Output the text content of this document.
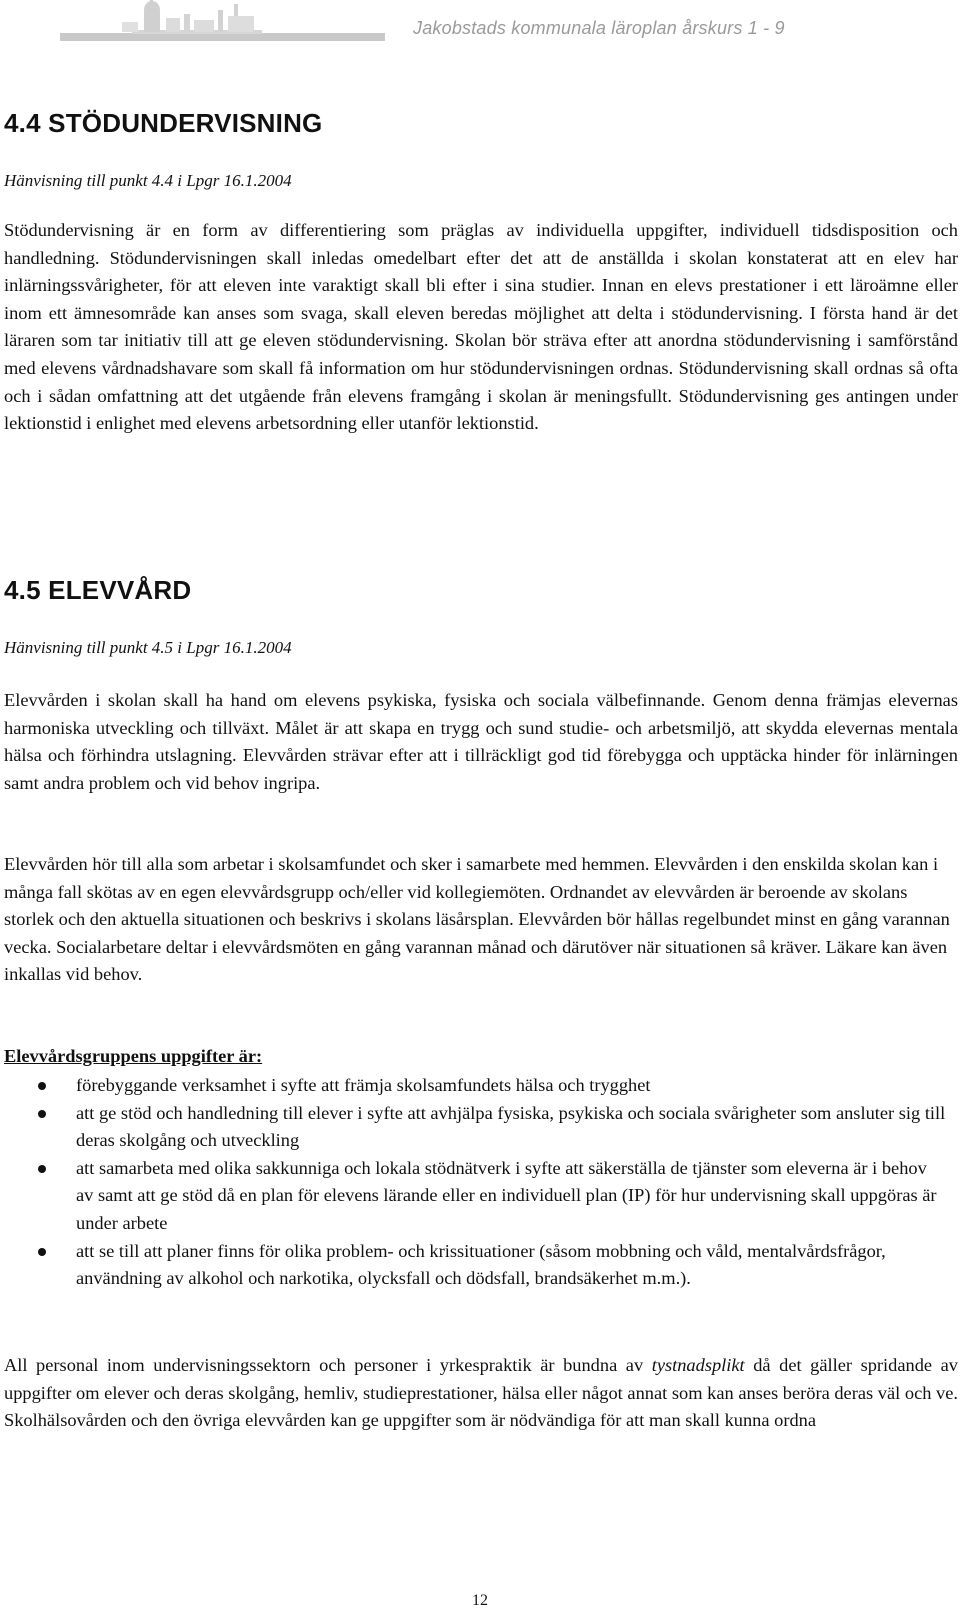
Jakobstads kommunala läroplan årskurs 1 - 9
4.4 STÖDUNDERVISNING
Hänvisning till punkt 4.4 i Lpgr 16.1.2004

Stödundervisning är en form av differentiering som präglas av individuella uppgifter, individuell tidsdisposition och handledning. Stödundervisningen skall inledas omedelbart efter det att de anställda i skolan konstaterat att en elev har inlärningssvårigheter, för att eleven inte varaktigt skall bli efter i sina studier. Innan en elevs prestationer i ett läroämne eller inom ett ämnesområde kan anses som svaga, skall eleven beredas möjlighet att delta i stödundervisning. I första hand är det läraren som tar initiativ till att ge eleven stödundervisning. Skolan bör sträva efter att anordna stödundervisning i samförstånd med elevens vårdnadshavare som skall få information om hur stödundervisningen ordnas. Stödundervisning skall ordnas så ofta och i sådan omfattning att det utgående från elevens framgång i skolan är meningsfullt. Stödundervisning ges antingen under lektionstid i enlighet med elevens arbetsordning eller utanför lektionstid.

4.5 ELEVVÅRD
Hänvisning till punkt 4.5 i Lpgr 16.1.2004

Elevvården i skolan skall ha hand om elevens psykiska, fysiska och sociala välbefinnande. Genom denna främjas elevernas harmoniska utveckling och tillväxt. Målet är att skapa en trygg och sund studie- och arbetsmiljö, att skydda elevernas mentala hälsa och förhindra utslagning. Elevvården strävar efter att i tillräckligt god tid förebygga och upptäcka hinder för inlärningen samt andra problem och vid behov ingripa.

Elevvården hör till alla som arbetar i skolsamfundet och sker i samarbete med hemmen. Elevvården i den enskilda skolan kan i många fall skötas av en egen elevvårdsgrupp och/eller vid kollegiemöten. Ordnandet av elevvården är beroende av skolans storlek och den aktuella situationen och beskrivs i skolans läsårsplan. Elevvården bör hållas regelbundet minst en gång varannan vecka. Socialarbetare deltar i elevvårdsmöten en gång varannan månad och därutöver när situationen så kräver. Läkare kan även inkallas vid behov.

Elevvårdsgruppens uppgifter är:
förebyggande verksamhet i syfte att främja skolsamfundets hälsa och trygghet
att ge stöd och handledning till elever i syfte att avhjälpa fysiska, psykiska och sociala svårigheter som ansluter sig till deras skolgång och utveckling
att samarbeta med olika sakkunniga och lokala stödnätverk i syfte att säkerställa de tjänster som eleverna är i behov av samt att ge stöd då en plan för elevens lärande eller en individuell plan (IP) för hur undervisning skall uppgöras är under arbete
att se till att planer finns för olika problem- och krissituationer (såsom mobbning och våld, mentalvårdsfrågor, användning av alkohol och narkotika, olycksfall och dödsfall, brandsäkerhet m.m.).

All personal inom undervisningssektorn och personer i yrkespraktik är bundna av tystnadsplikt då det gäller spridande av uppgifter om elever och deras skolgång, hemliv, studieprestationer, hälsa eller något annat som kan anses beröra deras väl och ve. Skolhälsovården och den övriga elevvården kan ge uppgifter som är nödvändiga för att man skall kunna ordna

12
